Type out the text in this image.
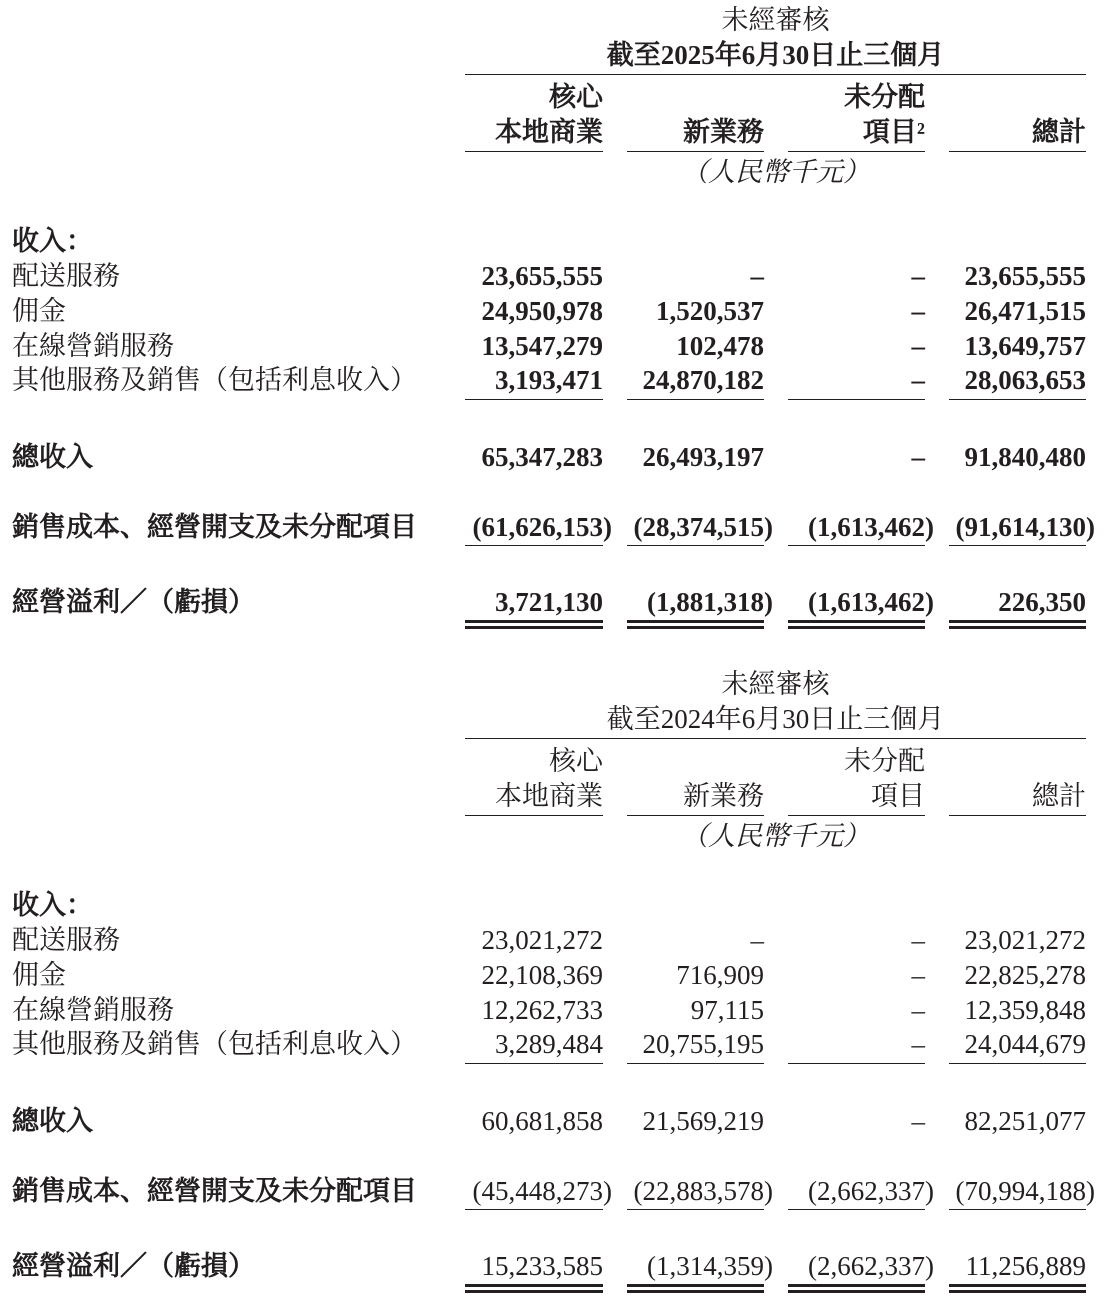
未經審核
截至2025年6月30日止三個月
核心	未分配
本地商業	新業務	項目²	總計
（人民幣千元）
收入：
配送服務	23,655,555	–	– 23,655,555
佣金	24,950,978 1,520,537	– 26,471,515
在線營銷服務	13,547,279	102,478	– 13,649,757
其他服務及銷售（包括利息收入）	3,193,471 24,870,182	– 28,063,653
總收入	65,347,283 26,493,197	– 91,840,480
銷售成本、經營開支及未分配項目 (61,626,153) (28,374,515) (1,613,462) (91,614,130)
經營溢利／（虧損）	3,721,130 (1,881,318) (1,613,462) 226,350
未經審核
截至2024年6月30日止三個月
核心	未分配
本地商業	新業務	項目	總計
（人民幣千元）
收入：
配送服務	23,021,272	–	– 23,021,272
佣金	22,108,369	716,909	– 22,825,278
在線營銷服務	12,262,733	97,115	– 12,359,848
其他服務及銷售（包括利息收入）	3,289,484 20,755,195	– 24,044,679
總收入	60,681,858 21,569,219	– 82,251,077
銷售成本、經營開支及未分配項目 (45,448,273) (22,883,578) (2,662,337) (70,994,188)
經營溢利／（虧損）	15,233,585 (1,314,359) (2,662,337) 11,256,889
